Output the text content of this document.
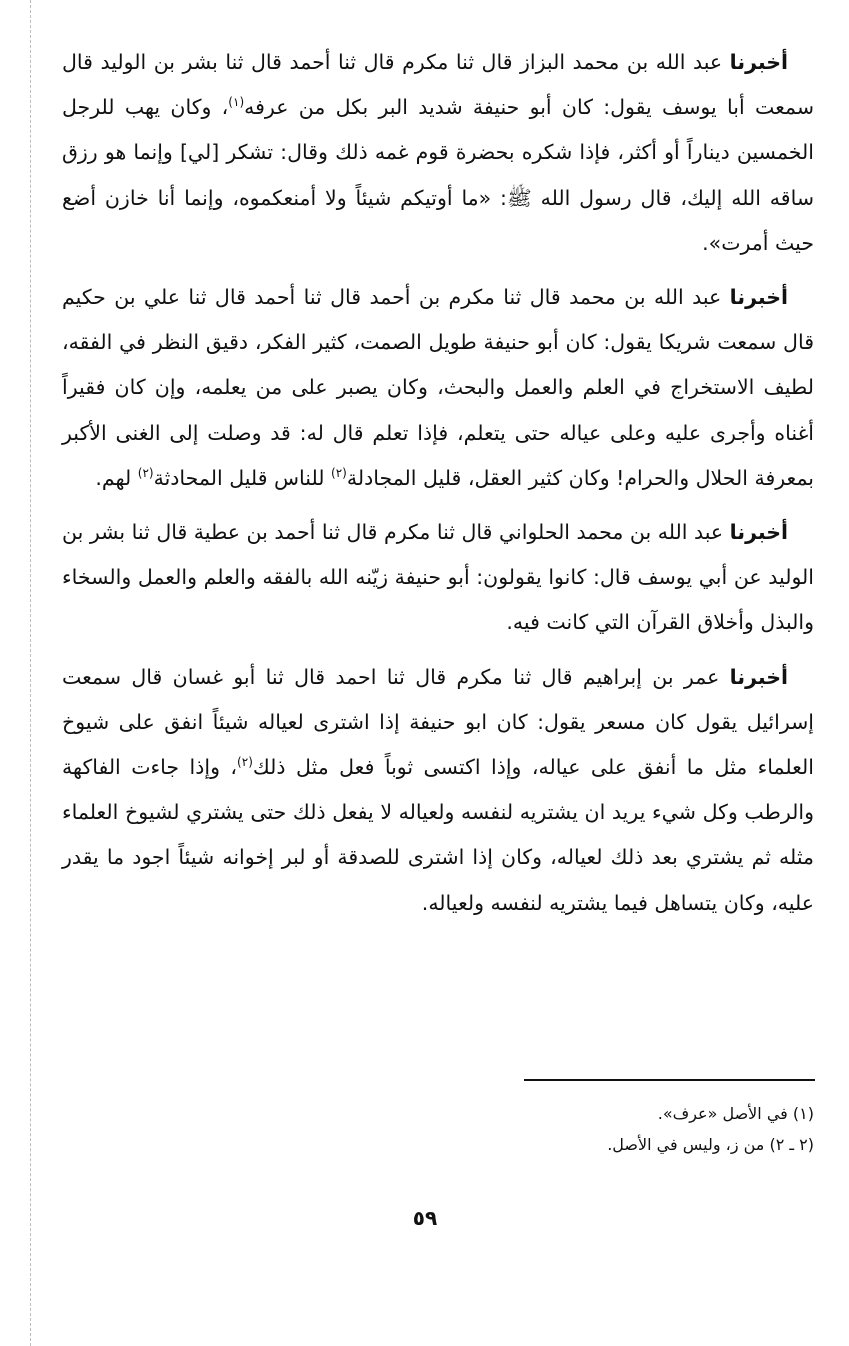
أخبرنا عبد الله بن محمد البزاز قال ثنا مكرم قال ثنا أحمد قال ثنا بشر بن الوليد قال سمعت أبا يوسف يقول: كان أبو حنيفة شديد البر بكل من عرفه$^{(١)}$، وكان يهب للرجل الخمسين ديناراً أو أكثر، فإذا شكره بحضرة قوم غمه ذلك وقال: تشكر [لي] وإنما هو رزق ساقه الله إليك، قال رسول الله ﷺ: «ما أوتيكم شيئاً ولا أمنعكموه، وإنما أنا خازن أضع حيث أمرت».

أخبرنا عبد الله بن محمد قال ثنا مكرم بن أحمد قال ثنا أحمد قال ثنا علي بن حكيم قال سمعت شريكا يقول: كان أبو حنيفة طويل الصمت، كثير الفكر، دقيق النظر في الفقه، لطيف الاستخراج في العلم والعمل والبحث، وكان يصبر على من يعلمه، وإن كان فقيراً أغناه وأجرى عليه وعلى عياله حتى يتعلم، فإذا تعلم قال له: قد وصلت إلى الغنى الأكبر بمعرفة الحلال والحرام! وكان كثير العقل، قليل المجادلة$^{(٢)}$ للناس قليل المحادثة$^{(٢)}$ لهم.

أخبرنا عبد الله بن محمد الحلواني قال ثنا مكرم قال ثنا أحمد بن عطية قال ثنا بشر بن الوليد عن أبي يوسف قال: كانوا يقولون: أبو حنيفة زيّنه الله بالفقه والعلم والعمل والسخاء والبذل وأخلاق القرآن التي كانت فيه.

أخبرنا عمر بن إبراهيم قال ثنا مكرم قال ثنا احمد قال ثنا أبو غسان قال سمعت إسرائيل يقول كان مسعر يقول: كان ابو حنيفة إذا اشترى لعياله شيئاً انفق على شيوخ العلماء مثل ما أنفق على عياله، وإذا اكتسى ثوباً فعل مثل ذلك$^{(٢)}$، وإذا جاءت الفاكهة والرطب وكل شيء يريد ان يشتريه لنفسه ولعياله لا يفعل ذلك حتى يشتري لشيوخ العلماء مثله ثم يشتري بعد ذلك لعياله، وكان إذا اشترى للصدقة أو لبر إخوانه شيئاً اجود ما يقدر عليه، وكان يتساهل فيما يشتريه لنفسه ولعياله.

(١) في الأصل «عرف».

(٢ ـ ٢) من ز، وليس في الأصل.

٥٩
